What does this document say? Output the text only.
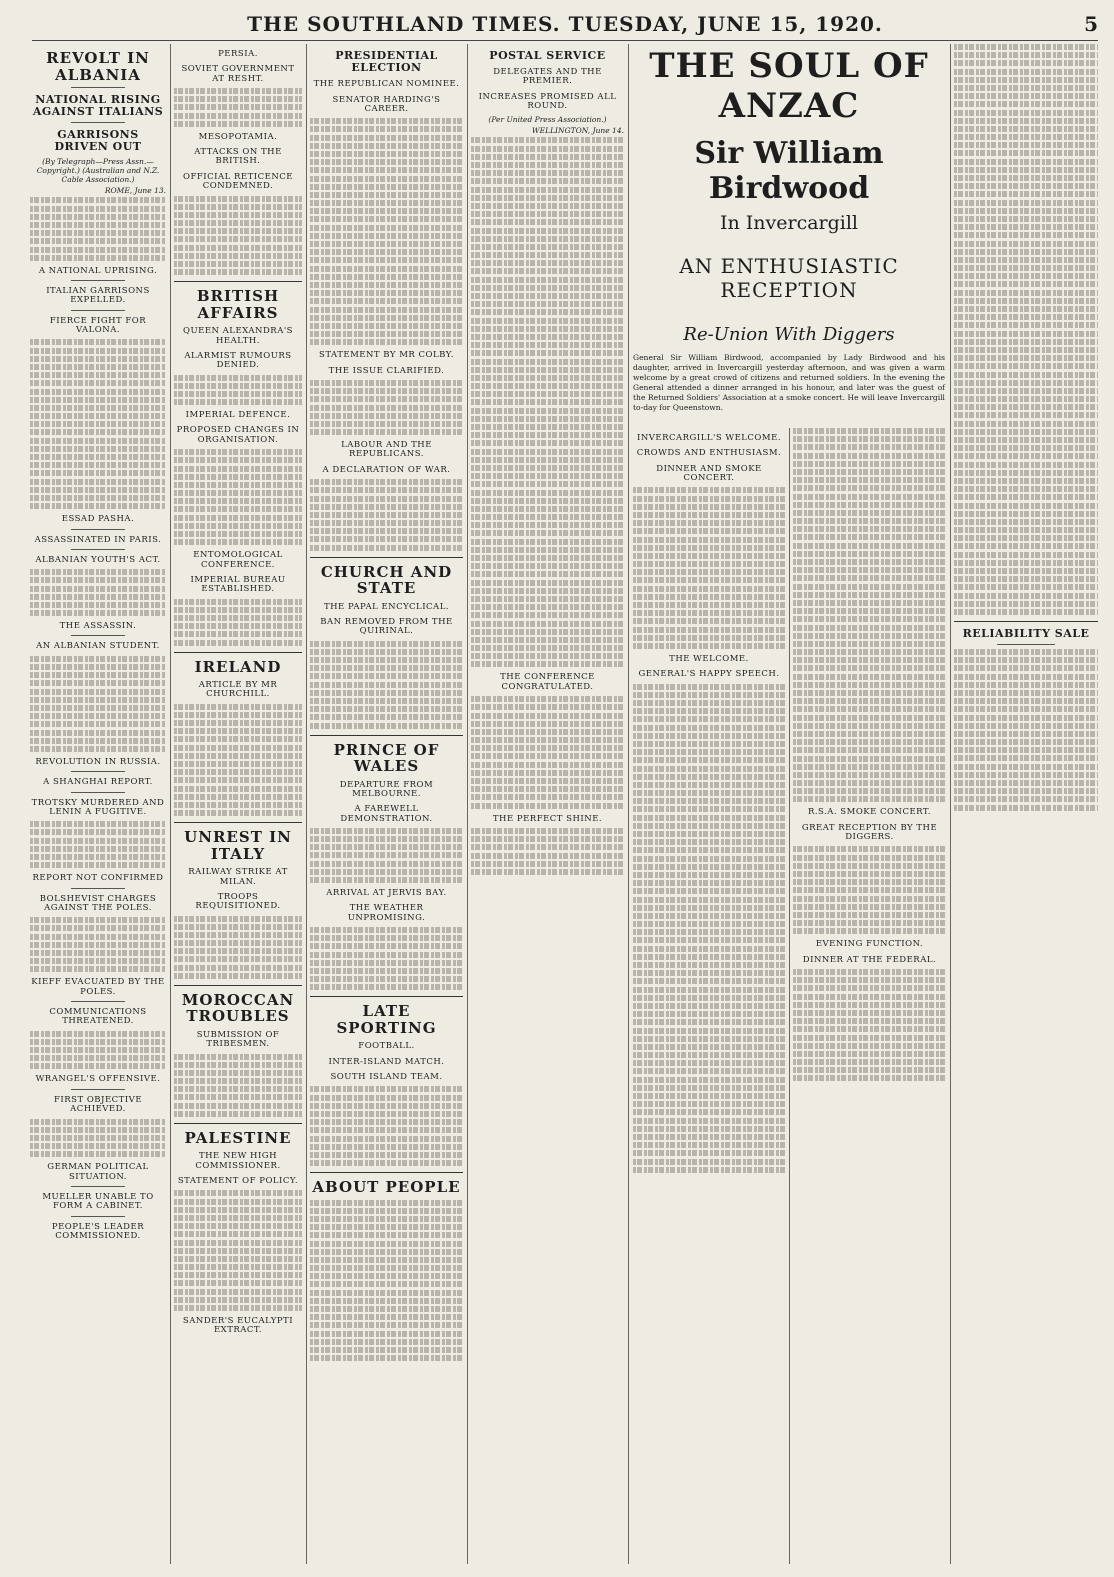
THE SOUTHLAND TIMES. TUESDAY, JUNE 15, 1920.	5
REVOLT IN ALBANIA
NATIONAL RISING AGAINST ITALIANS
GARRISONS DRIVEN OUT
(By Telegraph—Press Assn.—Copyright.) (Australian and N.Z. Cable Association.)
ROME, June 13.

A NATIONAL UPRISING.
ITALIAN GARRISONS EXPELLED.
FIERCE FIGHT FOR VALONA.

ESSAD PASHA.
ASSASSINATED IN PARIS.
ALBANIAN YOUTH'S ACT.

THE ASSASSIN.
AN ALBANIAN STUDENT.

REVOLUTION IN RUSSIA.
A SHANGHAI REPORT.
TROTSKY MURDERED AND LENIN A FUGITIVE.

REPORT NOT CONFIRMED
BOLSHEVIST CHARGES AGAINST THE POLES.

KIEFF EVACUATED BY THE POLES.
COMMUNICATIONS THREATENED.

WRANGEL'S OFFENSIVE.
FIRST OBJECTIVE ACHIEVED.

GERMAN POLITICAL SITUATION.
MUELLER UNABLE TO FORM A CABINET.
PEOPLE'S LEADER COMMISSIONED.
PERSIA.
SOVIET GOVERNMENT AT RESHT.

MESOPOTAMIA.
ATTACKS ON THE BRITISH.
OFFICIAL RETICENCE CONDEMNED.

BRITISH AFFAIRS
QUEEN ALEXANDRA'S HEALTH.
ALARMIST RUMOURS DENIED.

IMPERIAL DEFENCE.
PROPOSED CHANGES IN ORGANISATION.

ENTOMOLOGICAL CONFERENCE.
IMPERIAL BUREAU ESTABLISHED.

IRELAND
ARTICLE BY MR CHURCHILL.

UNREST IN ITALY
RAILWAY STRIKE AT MILAN.
TROOPS REQUISITIONED.

MOROCCAN TROUBLES
SUBMISSION OF TRIBESMEN.

PALESTINE
THE NEW HIGH COMMISSIONER.
STATEMENT OF POLICY.

SANDER'S EUCALYPTI EXTRACT.
PRESIDENTIAL ELECTION
THE REPUBLICAN NOMINEE.
SENATOR HARDING'S CAREER.

STATEMENT BY MR COLBY.
THE ISSUE CLARIFIED.

LABOUR AND THE REPUBLICANS.
A DECLARATION OF WAR.

CHURCH AND STATE
THE PAPAL ENCYCLICAL.
BAN REMOVED FROM THE QUIRINAL.

PRINCE OF WALES
DEPARTURE FROM MELBOURNE.
A FAREWELL DEMONSTRATION.

ARRIVAL AT JERVIS BAY.
THE WEATHER UNPROMISING.

LATE SPORTING
FOOTBALL.
INTER-ISLAND MATCH.
SOUTH ISLAND TEAM.

ABOUT PEOPLE

POSTAL SERVICE
DELEGATES AND THE PREMIER.
INCREASES PROMISED ALL ROUND.
(Per United Press Association.)
WELLINGTON, June 14.

THE CONFERENCE CONGRATULATED.

THE PERFECT SHINE.

THE SOUL OF ANZAC
Sir William Birdwood
In Invercargill
AN ENTHUSIASTIC RECEPTION
Re-Union With Diggers
General Sir William Birdwood, accompanied by Lady Birdwood and his daughter, arrived in Invercargill yesterday afternoon, and was given a warm welcome by a great crowd of citizens and returned soldiers. In the evening the General attended a dinner arranged in his honour, and later was the guest of the Returned Soldiers' Association at a smoke concert. He will leave Invercargill to-day for Queenstown.
INVERCARGILL'S WELCOME.
CROWDS AND ENTHUSIASM.
DINNER AND SMOKE CONCERT.

THE WELCOME.
GENERAL'S HAPPY SPEECH.

R.S.A. SMOKE CONCERT.
GREAT RECEPTION BY THE DIGGERS.

EVENING FUNCTION.
DINNER AT THE FEDERAL.

RELIABILITY SALE
